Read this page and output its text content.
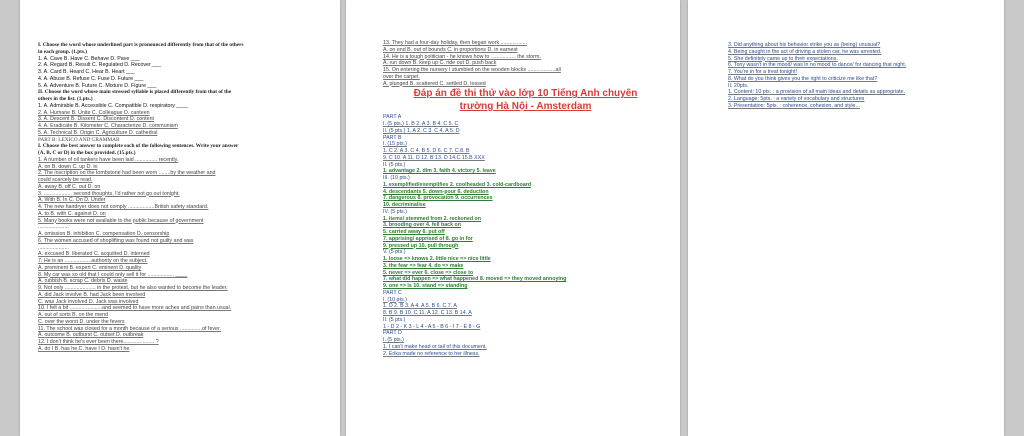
I. Choose the word whose underlined part is pronounced differently from that of the others
in each group. (1.pts.)
1. A. Cave B. Have C. Behave D. Pave ___
2. A. Regard B. Result C. Regulated D. Recover ___
3. A. Card B. Heard C. Hear B. Heart ___
4. A. Abuse B. Refuse C. Fuse D. Future ___
5. A. Adventure B. Future C. Mixture D. Figure ___
II. Choose the word whose main stressed syllable is placed differently from that of the
others in the list. (1.pts.)
1. A. Admirable B. Accessible C. Compatible D. respiratory ____
2. A. Humane B. Unite C. Colleague D. canteen
3. A. Descent B. Dissent C. Discontent D. content
4. A. Eradicate B. Kilometer C. Characterize D. communism
5. A. Technical B. Origin C. Agriculture D. cathedral
PART B: LEXICO AND GRAMMAR
I. Choose the best answer to complete each of the following sentences. Write your answer
(A, B, C or D) in the box provided. (15.pts.)
1. A number of oil tankers have been laid ............... recently.
A. on B. down C. up D. in
2. The inscription on the tombstone had been worn ........by the weather and
could scarcely be read.
A. away B. off C. out D. on
3. ................... second thoughts, I'd rather not go out tonight.
A. With B. In C. On D. Under
4. The new hairdryer does not comply ..................British safety standard.
A. to B. with C. against D. on
5. Many books were not available to the public because of government
.....................
A. omission B. inhibition C. compensation D. censorship
6. The women accused of shoplifting was found not guilty and was
.....................
A. excused B. liberated C. acquitted D. interned
7. He is an ..................authority on the subject.
A. prominent B. expert C. eminent D. quality
8. My car was so old that I could only sell it for .................. ____
A. rubbish B. scrap C. debris D. waste
9. Not only ..................... in the protest, but he also wanted to become the leader.
A. did Jack involve B. had Jack been involved
C. was Jack involved D. Jack was involved
10. I felt a bit ......................and seemed to have more aches and pains than usual.
A. out of sorts B. on the mend
C. over the worst D. under the fevers
11. The school was closed for a month because of a serious ...............of fever.
A. outcome B. outburst C. outset D. outbreak
12. I don't think he's ever been there..................... ?
A. do I B. has he C. have I D. hasn't he
13. They had a four-day holiday, then began work ..................
A. on end B. out of bounds C. in proportions D. in earnest
14. He is a tough politician - he knows how to ................. the storm.
A. run down B. keep up C. ride out D. push back
15. On entering the nursery I stumbled on the wooden blocks ...................all
over the carpet.
A. plunged B. scattered C. settled D. tossed
Đáp án đề thi thử vào lớp 10 Tiếng Anh chuyên
trường Hà Nội - Amsterdam
PART A
I. (5 pts.) 1. B 2. A 3. B 4. C 5. C
II. (5 pts.) 1. A 2. C 3. C 4. A 5. D
PART B
I. (15 pts.)
1. C 2. A 3. C 4. B 5. D 6. C 7. C 8. B
9. C 10. A 11. D 12. B 13. D 14.C 15.B XXX
II. (5 pts.)
1. advantage 2. dim 3. faith 4. victory 5. leave
III. (10 pts.)
1. exemplified/exemplifies 2. coolheaded 3. cold-cardboard
4. descendants 5. down-pour 6. deduction
7. dangerous 8. provocation 9. occurrences
10. decriminalise
IV. (5 pts.)
1. items/ stemmed from 2. reckoned on
3. brooding over 4. fell back on
5. carried away 6. put off
7. apprising/ apprised of 8. go in for
9. pressed up 10. pull through
V. (5 pts.)
1. loose => knows 2. little nice => nice little
3. the fear => fear 4. do => make
5. never => ever 6. close => close to
7. what did happen => what happened 8. moved => they moved annoying
9. one => is 10. stand => standing
PART C
I. (10 pts.)
1. D 2. B 3. A 4. A 5. B 6. C 7. A
8. B 9. B 10. C 11. A 12. C 13. B 14. A
II. (5 pts.)
1 - D 2 - K 3 - L 4 - A 5 - B 6 - I 7 - E 8 - G
PART D
I. (5 pts.)
1. I can't make head or tail of this document.
2. Erika made no reference to her illness.
3. Did anything about his behavior strike you as (being) unusual?
4. Being caught in the act of driving a stolen car, he was arrested.
5. She definitely came up to their expectations.
6. Tony wasn't in the mood/ was in no mood to dance/ for dancing that night.
7. You're in for a treat tonight!
8. What do you think gives you the right to criticize me like that?
II. 20pts.
1. Content: 10 pts. : a provision of all main ideas and details as appropriate.
2. Language: 5pts. : a variety of vocabulary and structures
3. Presentation: 5pts. : coherence, cohesion, and style...
